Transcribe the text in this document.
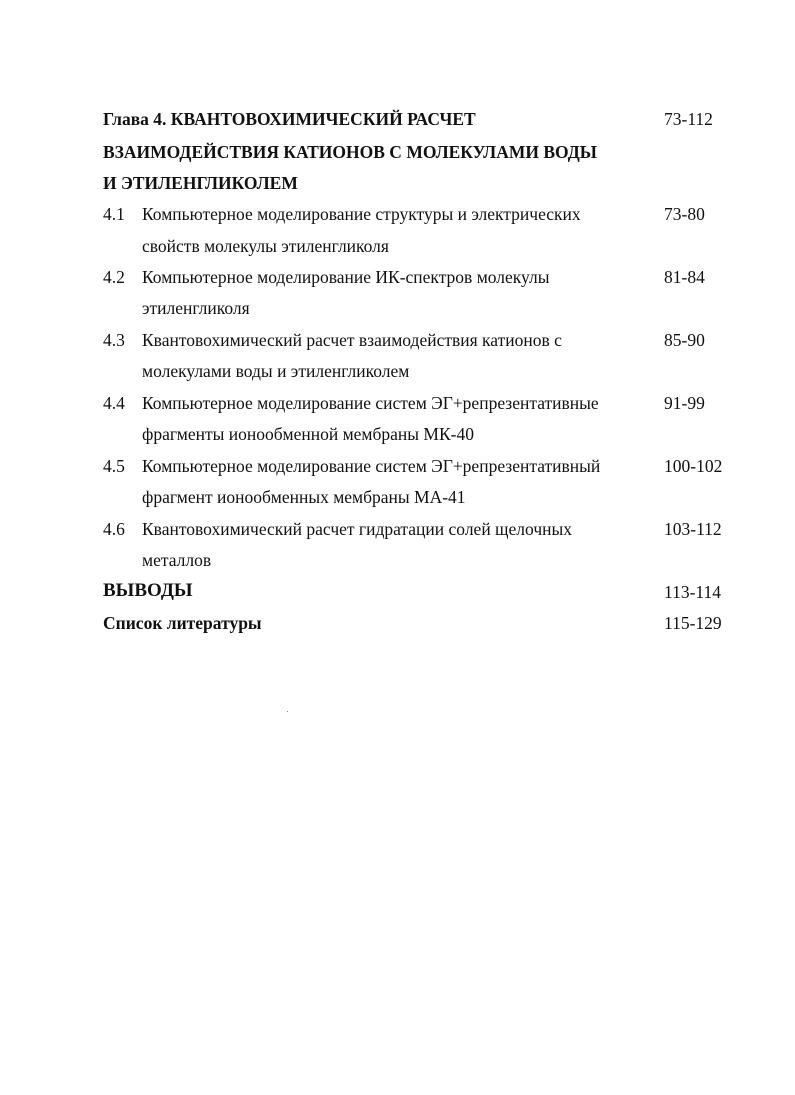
Глава 4. КВАНТОВОХИМИЧЕСКИЙ РАСЧЕТ	73-112
ВЗАИМОДЕЙСТВИЯ КАТИОНОВ С МОЛЕКУЛАМИ ВОДЫ
И ЭТИЛЕНГЛИКОЛЕМ
4.1 Компьютерное моделирование структуры и электрических	73-80
свойств молекулы этиленгликоля
4.2 Компьютерное моделирование ИК-спектров молекулы	81-84
этиленгликоля
4.3 Квантовохимический расчет взаимодействия катионов с	85-90
молекулами воды и этиленгликолем
4.4 Компьютерное моделирование систем ЭГ+репрезентативные	91-99
фрагменты ионообменной мембраны МК-40
4.5 Компьютерное моделирование систем ЭГ+репрезентативный	100-102
фрагмент ионообменных мембраны МА-41
4.6 Квантовохимический расчет гидратации солей щелочных	103-112
металлов
ВЫВОДЫ	113-114
Список литературы	115-129
